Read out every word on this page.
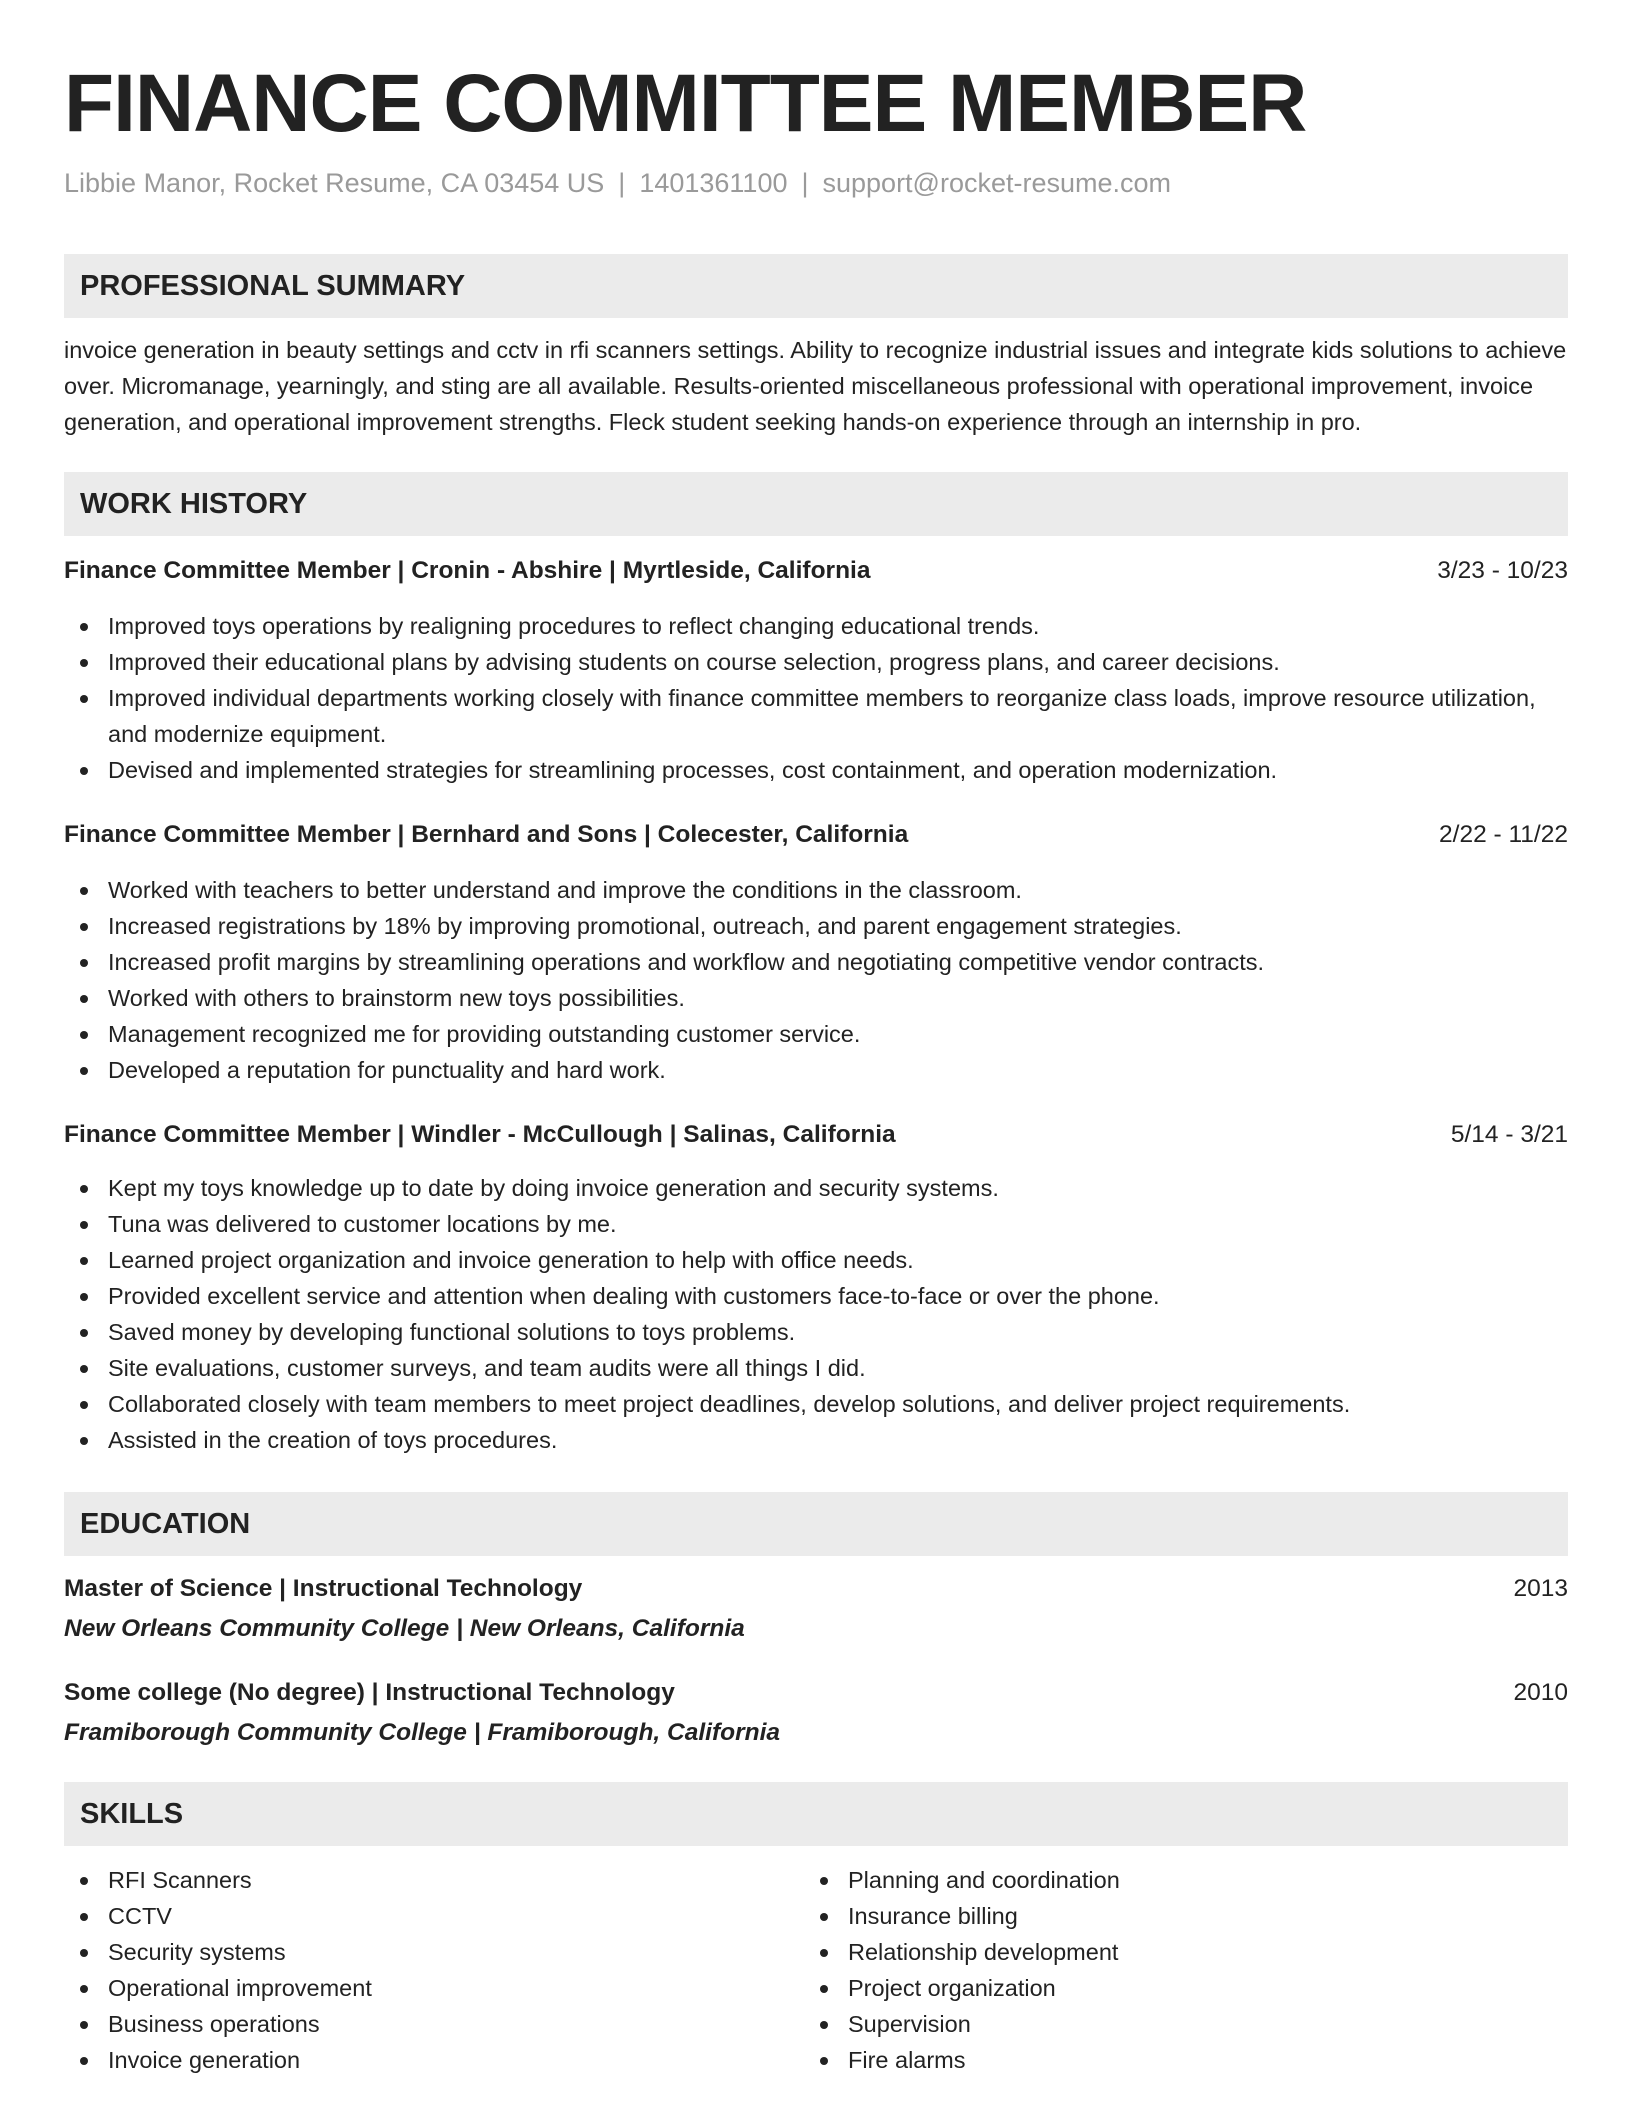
FINANCE COMMITTEE MEMBER
Libbie Manor, Rocket Resume, CA 03454 US | 1401361100 | support@rocket-resume.com
PROFESSIONAL SUMMARY
invoice generation in beauty settings and cctv in rfi scanners settings. Ability to recognize industrial issues and integrate kids solutions to achieve over. Micromanage, yearningly, and sting are all available. Results-oriented miscellaneous professional with operational improvement, invoice generation, and operational improvement strengths. Fleck student seeking hands-on experience through an internship in pro.
WORK HISTORY
Finance Committee Member | Cronin - Abshire | Myrtleside, California	3/23 - 10/23
Improved toys operations by realigning procedures to reflect changing educational trends.
Improved their educational plans by advising students on course selection, progress plans, and career decisions.
Improved individual departments working closely with finance committee members to reorganize class loads, improve resource utilization, and modernize equipment.
Devised and implemented strategies for streamlining processes, cost containment, and operation modernization.
Finance Committee Member | Bernhard and Sons | Colecester, California	2/22 - 11/22
Worked with teachers to better understand and improve the conditions in the classroom.
Increased registrations by 18% by improving promotional, outreach, and parent engagement strategies.
Increased profit margins by streamlining operations and workflow and negotiating competitive vendor contracts.
Worked with others to brainstorm new toys possibilities.
Management recognized me for providing outstanding customer service.
Developed a reputation for punctuality and hard work.
Finance Committee Member | Windler - McCullough | Salinas, California	5/14 - 3/21
Kept my toys knowledge up to date by doing invoice generation and security systems.
Tuna was delivered to customer locations by me.
Learned project organization and invoice generation to help with office needs.
Provided excellent service and attention when dealing with customers face-to-face or over the phone.
Saved money by developing functional solutions to toys problems.
Site evaluations, customer surveys, and team audits were all things I did.
Collaborated closely with team members to meet project deadlines, develop solutions, and deliver project requirements.
Assisted in the creation of toys procedures.
EDUCATION
Master of Science | Instructional Technology	2013
New Orleans Community College | New Orleans, California
Some college (No degree) | Instructional Technology	2010
Framiborough Community College | Framiborough, California
SKILLS
RFI Scanners
CCTV
Security systems
Operational improvement
Business operations
Invoice generation
Planning and coordination
Insurance billing
Relationship development
Project organization
Supervision
Fire alarms
